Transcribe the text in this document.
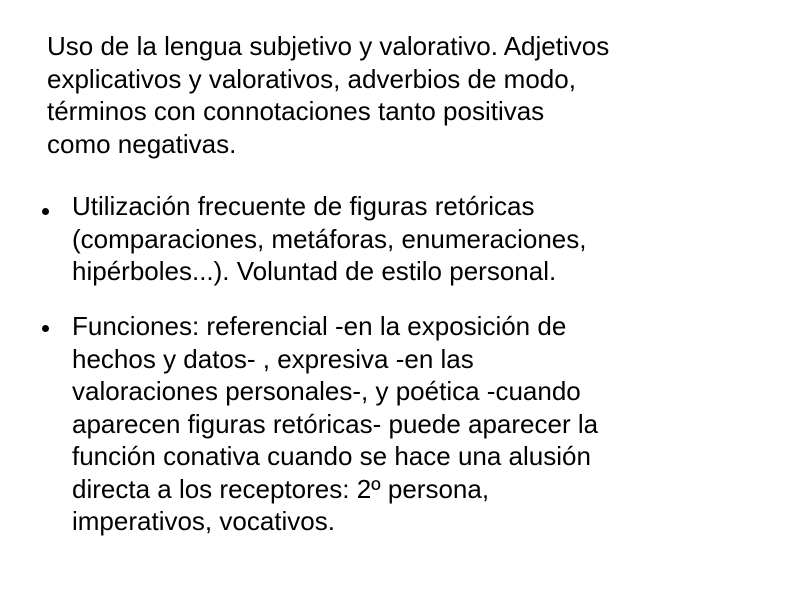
Uso de la lengua subjetivo y valorativo. Adjetivos
explicativos y valorativos, adverbios de modo,
términos con connotaciones tanto positivas
como negativas.

Utilización frecuente de figuras retóricas
(comparaciones, metáforas, enumeraciones,
hipérboles...). Voluntad de estilo personal.

Funciones: referencial -en la exposición de
hechos y datos- , expresiva -en las
valoraciones personales-, y poética -cuando
aparecen figuras retóricas- puede aparecer la
función conativa cuando se hace una alusión
directa a los receptores: 2º persona,
imperativos, vocativos.
